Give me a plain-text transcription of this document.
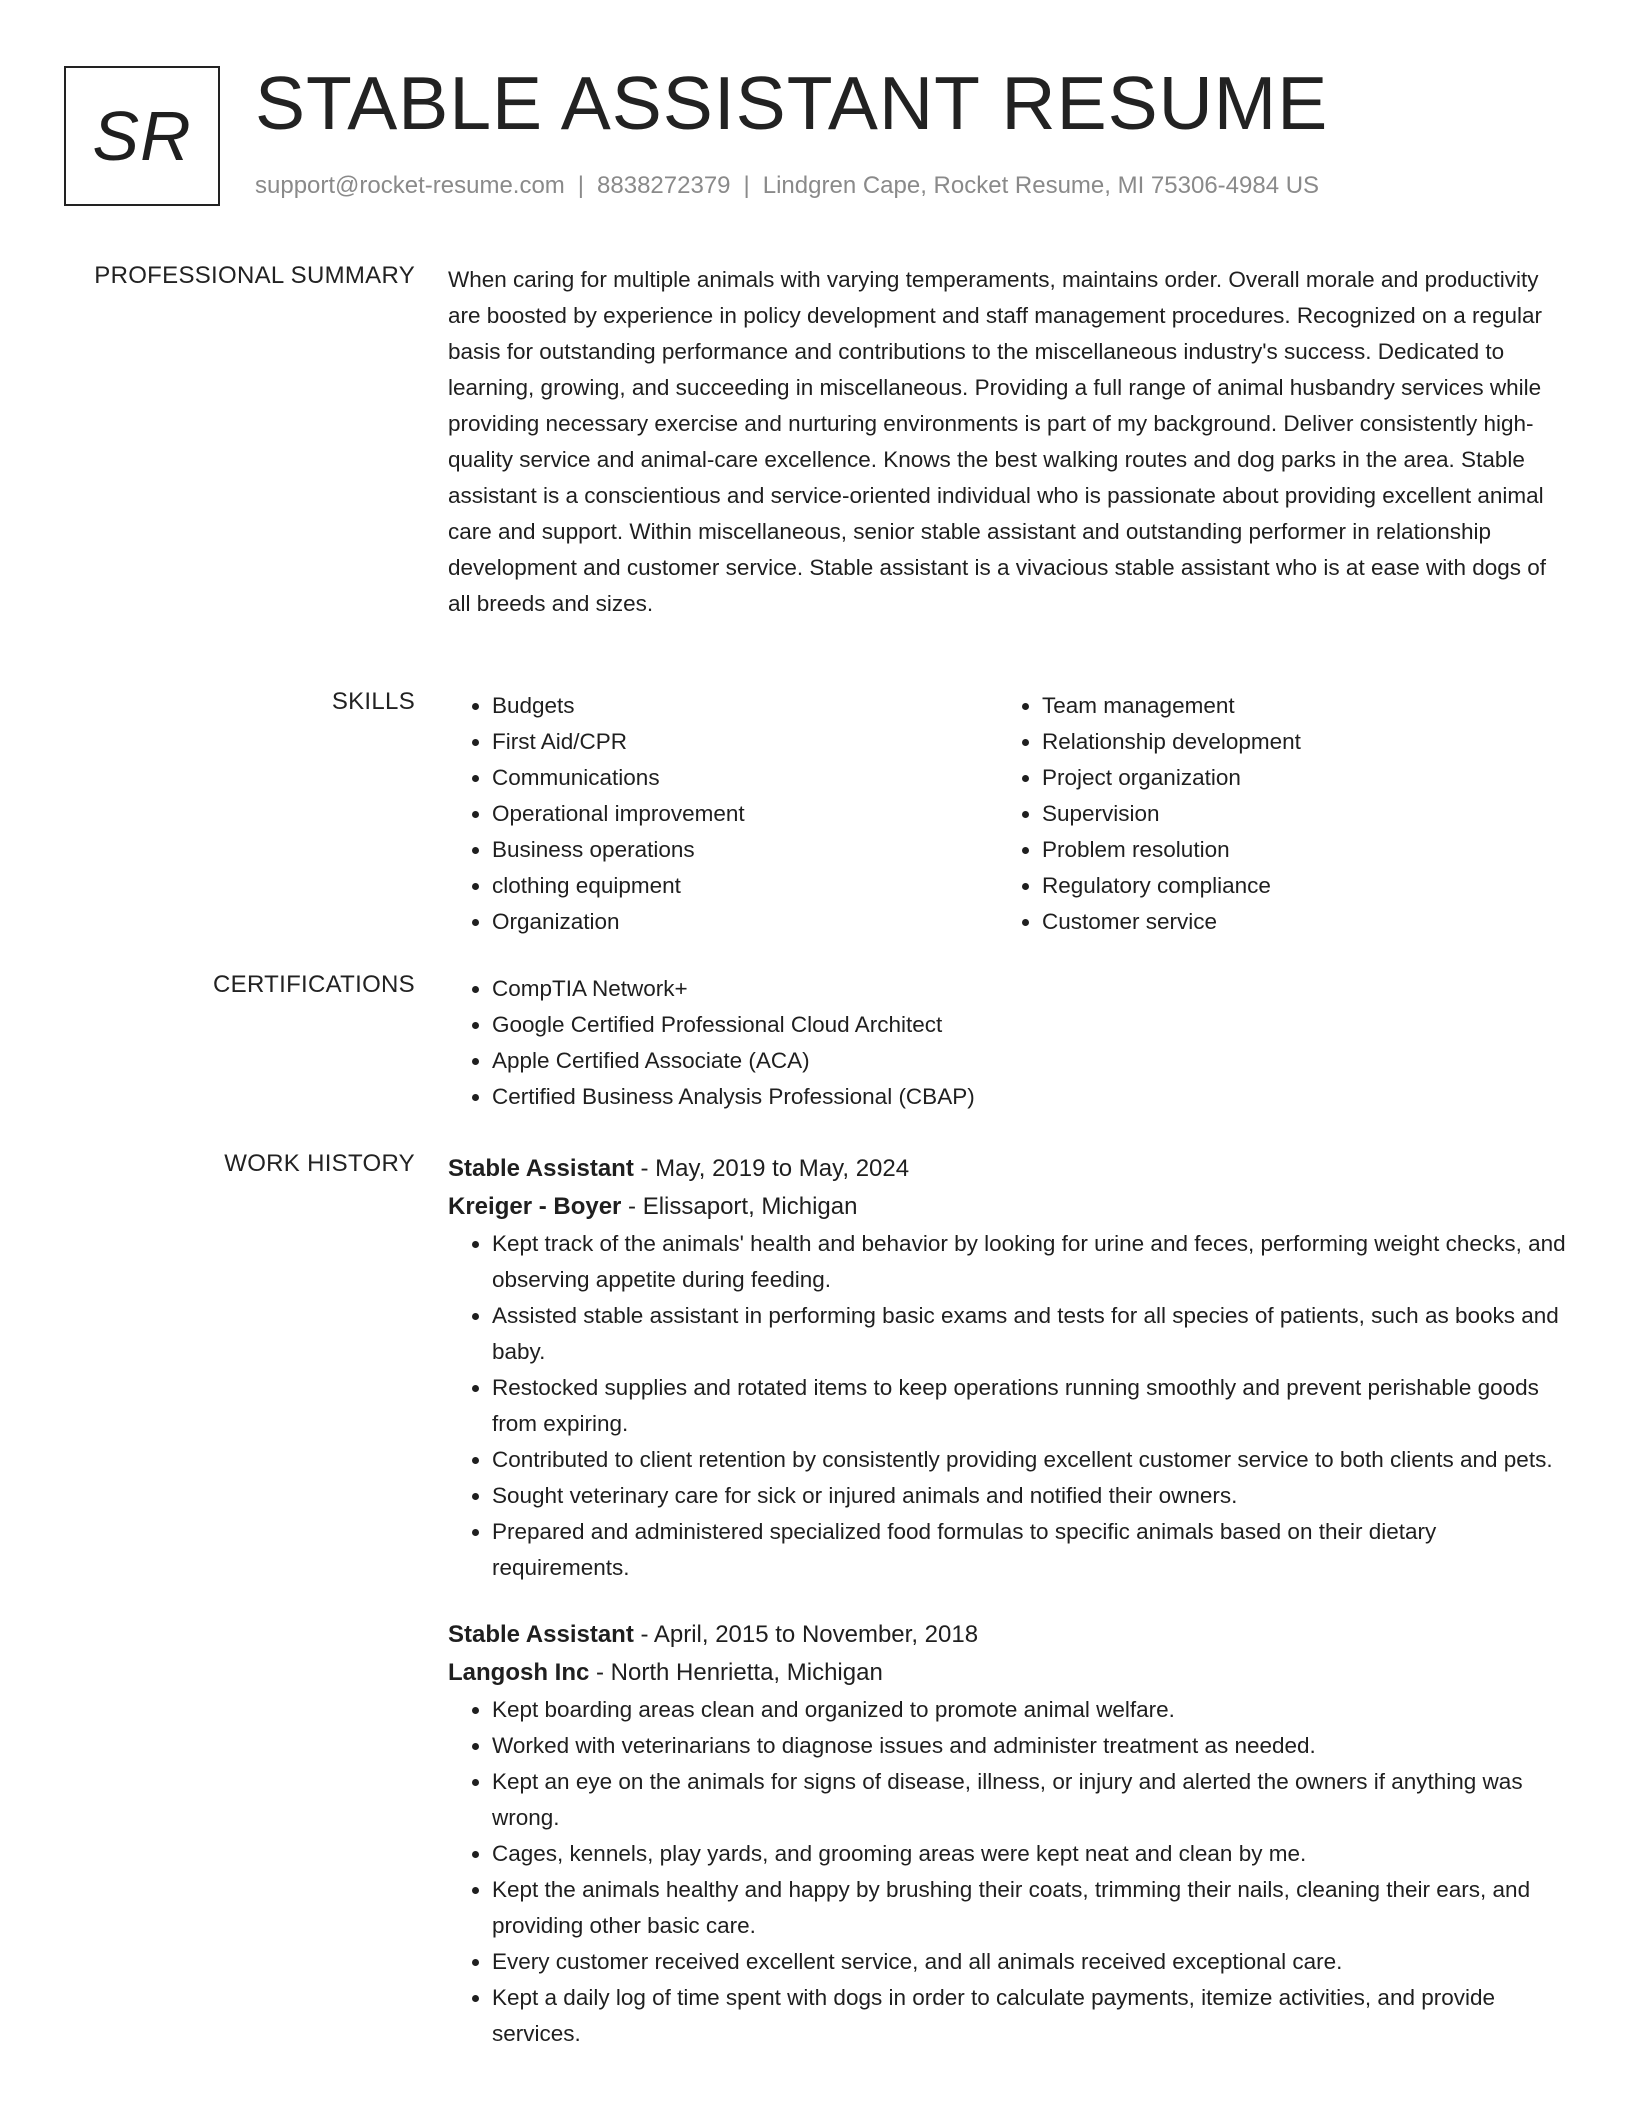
SR STABLE ASSISTANT RESUME
support@rocket-resume.com | 8838272379 | Lindgren Cape, Rocket Resume, MI 75306-4984 US
PROFESSIONAL SUMMARY When caring for multiple animals with varying temperaments, maintains order. Overall morale and productivity are boosted by experience in policy development and staff management procedures. Recognized on a regular basis for outstanding performance and contributions to the miscellaneous industry's success. Dedicated to learning, growing, and succeeding in miscellaneous. Providing a full range of animal husbandry services while providing necessary exercise and nurturing environments is part of my background. Deliver consistently high-quality service and animal-care excellence. Knows the best walking routes and dog parks in the area. Stable assistant is a conscientious and service-oriented individual who is passionate about providing excellent animal care and support. Within miscellaneous, senior stable assistant and outstanding performer in relationship development and customer service. Stable assistant is a vivacious stable assistant who is at ease with dogs of all breeds and sizes.

SKILLS	• Budgets
• First Aid/CPR
• Communications
• Operational improvement
• Business operations
• clothing equipment
• Organization
• Team management
• Relationship development
• Project organization
• Supervision
• Problem resolution
• Regulatory compliance
• Customer service
CERTIFICATIONS	• CompTIA Network+
• Google Certified Professional Cloud Architect
• Apple Certified Associate (ACA)
• Certified Business Analysis Professional (CBAP)
WORK HISTORY Stable Assistant - May, 2019 to May, 2024
Kreiger - Boyer - Elissaport, Michigan
• Kept track of the animals' health and behavior by looking for urine and feces, performing weight checks, and observing appetite during feeding.
• Assisted stable assistant in performing basic exams and tests for all species of patients, such as books and baby.
• Restocked supplies and rotated items to keep operations running smoothly and prevent perishable goods from expiring.
• Contributed to client retention by consistently providing excellent customer service to both clients and pets.
• Sought veterinary care for sick or injured animals and notified their owners.
• Prepared and administered specialized food formulas to specific animals based on their dietary requirements.
Stable Assistant - April, 2015 to November, 2018
Langosh Inc - North Henrietta, Michigan
• Kept boarding areas clean and organized to promote animal welfare.
• Worked with veterinarians to diagnose issues and administer treatment as needed.
• Kept an eye on the animals for signs of disease, illness, or injury and alerted the owners if anything was wrong.
• Cages, kennels, play yards, and grooming areas were kept neat and clean by me.
• Kept the animals healthy and happy by brushing their coats, trimming their nails, cleaning their ears, and providing other basic care.
• Every customer received excellent service, and all animals received exceptional care.
• Kept a daily log of time spent with dogs in order to calculate payments, itemize activities, and provide services.
